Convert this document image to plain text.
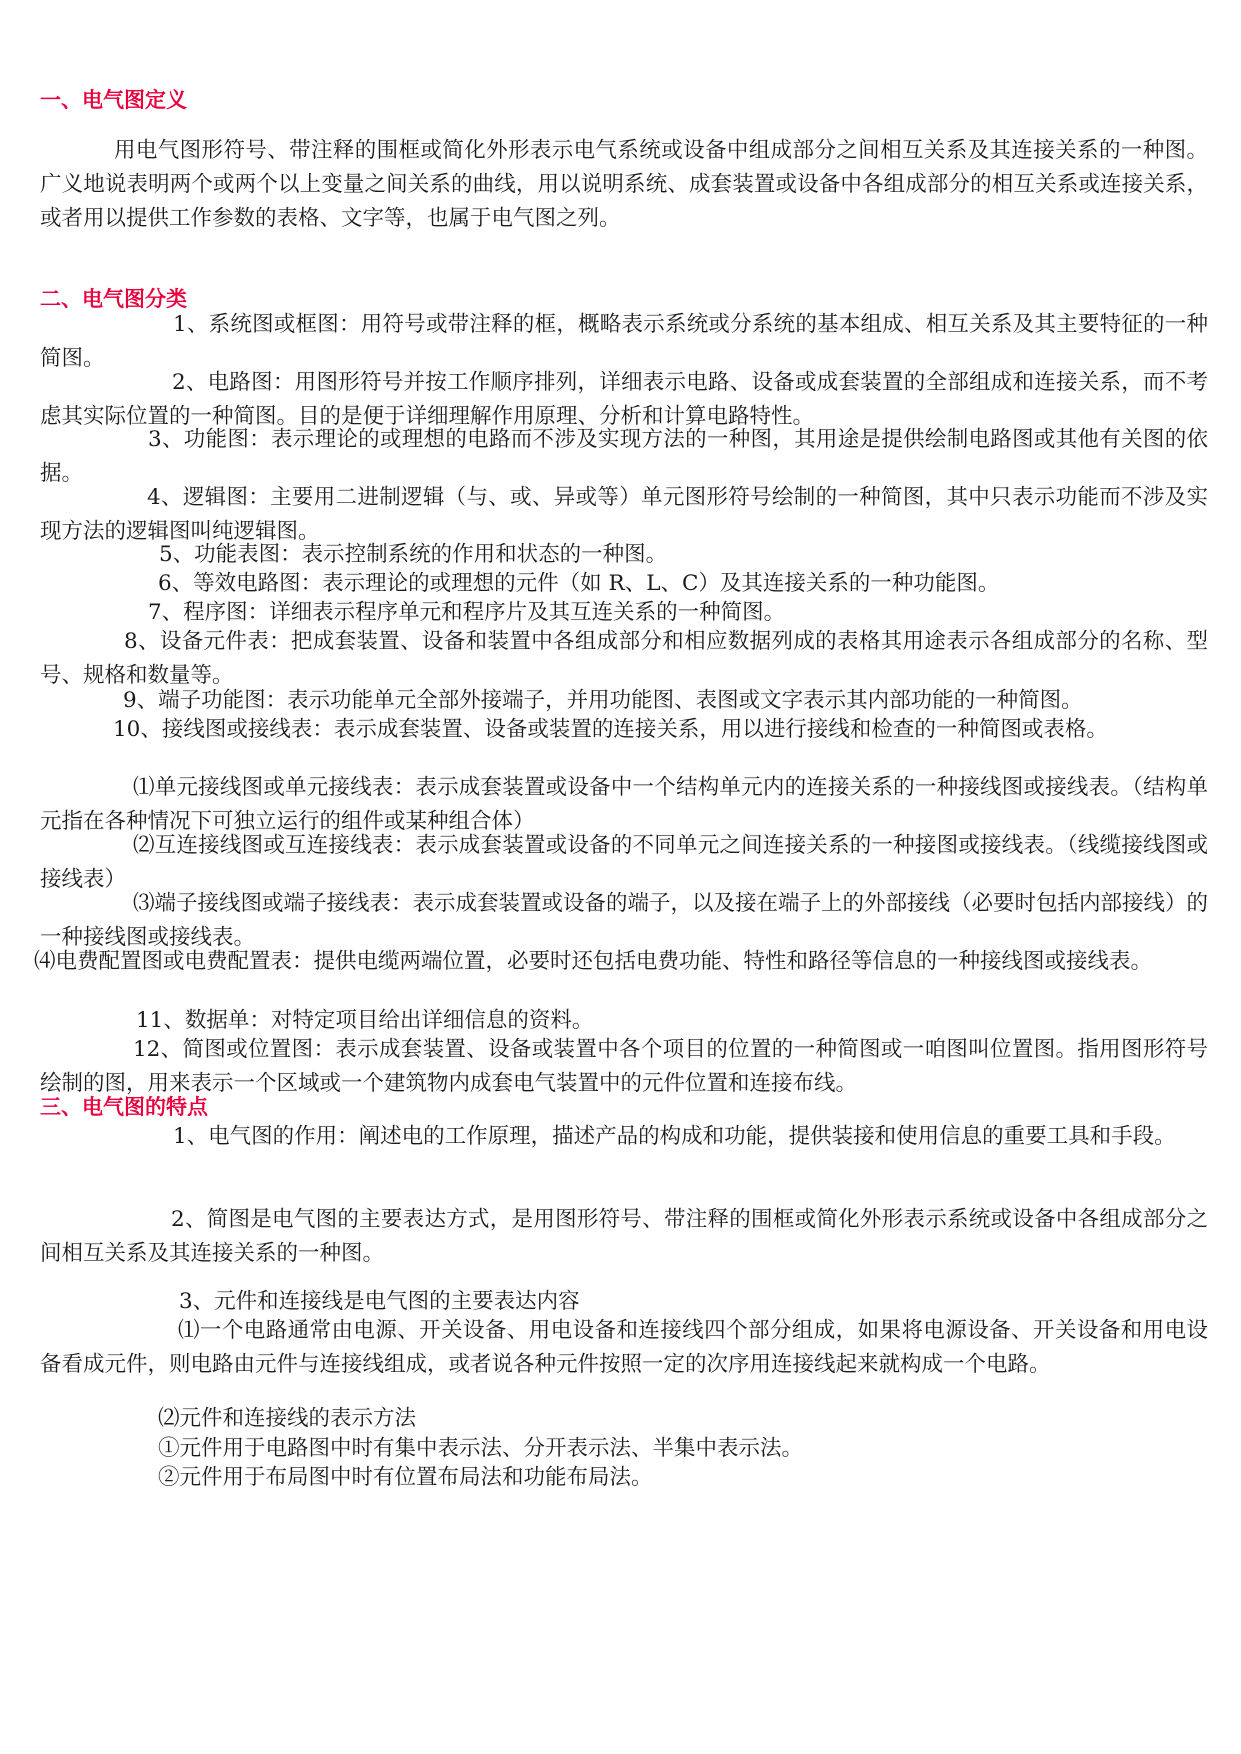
一、电气图定义
用电气图形符号、带注释的围框或简化外形表示电气系统或设备中组成部分之间相互关系及其连接关系的一种图。广义地说表明两个或两个以上变量之间关系的曲线，用以说明系统、成套装置或设备中各组成部分的相互关系或连接关系，或者用以提供工作参数的表格、文字等，也属于电气图之列。
二、电气图分类
1、系统图或框图：用符号或带注释的框，概略表示系统或分系统的基本组成、相互关系及其主要特征的一种简图。
2、电路图：用图形符号并按工作顺序排列，详细表示电路、设备或成套装置的全部组成和连接关系，而不考虑其实际位置的一种简图。目的是便于详细理解作用原理、分析和计算电路特性。
3、功能图：表示理论的或理想的电路而不涉及实现方法的一种图，其用途是提供绘制电路图或其他有关图的依据。
4、逻辑图：主要用二进制逻辑（与、或、异或等）单元图形符号绘制的一种简图，其中只表示功能而不涉及实现方法的逻辑图叫纯逻辑图。
5、功能表图：表示控制系统的作用和状态的一种图。
6、等效电路图：表示理论的或理想的元件（如 R、L、C）及其连接关系的一种功能图。
7、程序图：详细表示程序单元和程序片及其互连关系的一种简图。
8、设备元件表：把成套装置、设备和装置中各组成部分和相应数据列成的表格其用途表示各组成部分的名称、型号、规格和数量等。
9、端子功能图：表示功能单元全部外接端子，并用功能图、表图或文字表示其内部功能的一种简图。
10、接线图或接线表：表示成套装置、设备或装置的连接关系，用以进行接线和检查的一种简图或表格。
⑴单元接线图或单元接线表：表示成套装置或设备中一个结构单元内的连接关系的一种接线图或接线表。（结构单元指在各种情况下可独立运行的组件或某种组合体）
⑵互连接线图或互连接线表：表示成套装置或设备的不同单元之间连接关系的一种接图或接线表。（线缆接线图或接线表）
⑶端子接线图或端子接线表：表示成套装置或设备的端子，以及接在端子上的外部接线（必要时包括内部接线）的一种接线图或接线表。
⑷电费配置图或电费配置表：提供电缆两端位置，必要时还包括电费功能、特性和路径等信息的一种接线图或接线表。
11、数据单：对特定项目给出详细信息的资料。
12、简图或位置图：表示成套装置、设备或装置中各个项目的位置的一种简图或一咱图叫位置图。指用图形符号绘制的图，用来表示一个区域或一个建筑物内成套电气装置中的元件位置和连接布线。
三、电气图的特点
1、电气图的作用：阐述电的工作原理，描述产品的构成和功能，提供装接和使用信息的重要工具和手段。
2、简图是电气图的主要表达方式，是用图形符号、带注释的围框或简化外形表示系统或设备中各组成部分之间相互关系及其连接关系的一种图。
3、元件和连接线是电气图的主要表达内容
⑴一个电路通常由电源、开关设备、用电设备和连接线四个部分组成，如果将电源设备、开关设备和用电设备看成元件，则电路由元件与连接线组成，或者说各种元件按照一定的次序用连接线起来就构成一个电路。
⑵元件和连接线的表示方法
①元件用于电路图中时有集中表示法、分开表示法、半集中表示法。
②元件用于布局图中时有位置布局法和功能布局法。
